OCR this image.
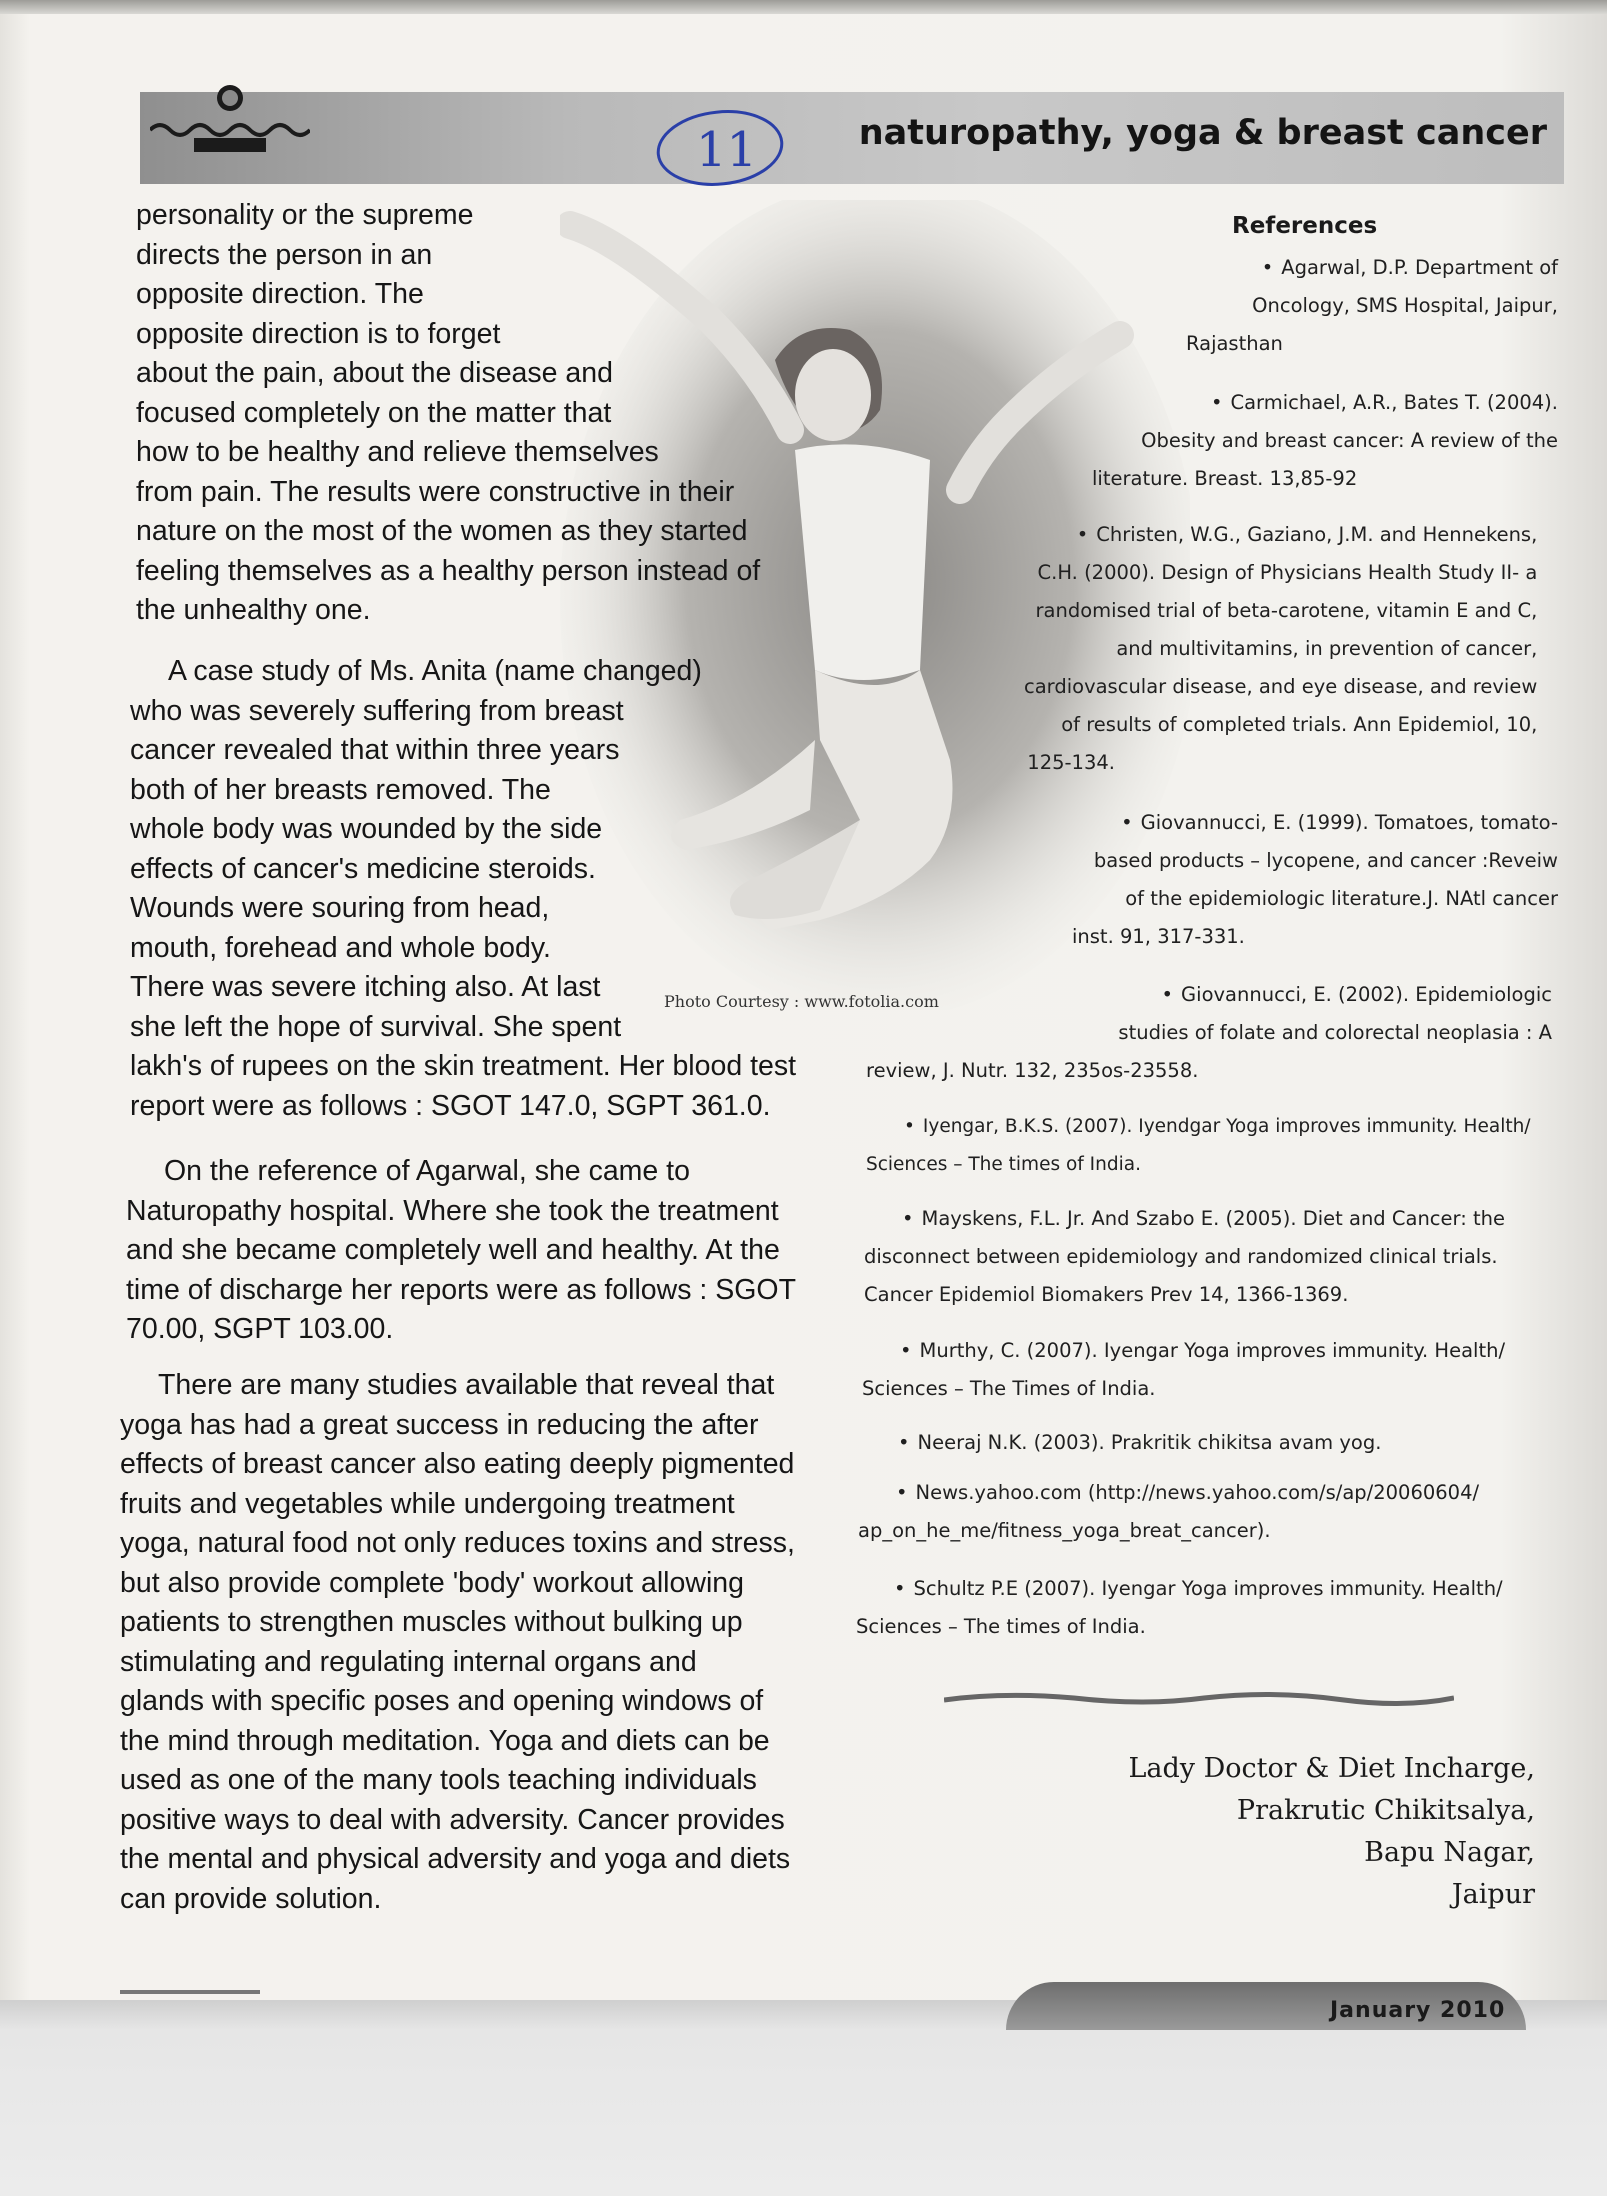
naturopathy, yoga & breast cancer
11
Photo Courtesy : www.fotolia.com

personality or the supreme
directs the person in an
opposite direction. The
opposite direction is to forget
about the pain, about the disease and
focused completely on the matter that
how to be healthy and relieve themselves
from pain. The results were constructive in their
nature on the most of the women as they started
feeling themselves as a healthy person instead of
the unhealthy one.

A case study of Ms. Anita (name changed)
who was severely suffering from breast
cancer revealed that within three years
both of her breasts removed. The
whole body was wounded by the side
effects of cancer's medicine steroids.
Wounds were souring from head,
mouth, forehead and whole body.
There was severe itching also. At last
she left the hope of survival. She spent
lakh's of rupees on the skin treatment. Her blood test
report were as follows : SGOT 147.0, SGPT 361.0.

On the reference of Agarwal, she came to
Naturopathy hospital. Where she took the treatment
and she became completely well and healthy. At the
time of discharge her reports were as follows : SGOT
70.00, SGPT 103.00.

There are many studies available that reveal that
yoga has had a great success in reducing the after
effects of breast cancer also eating deeply pigmented
fruits and vegetables while undergoing treatment
yoga, natural food not only reduces toxins and stress,
but also provide complete 'body' workout allowing
patients to strengthen muscles without bulking up
stimulating and regulating internal organs and
glands with specific poses and opening windows of
the mind through meditation. Yoga and diets can be
used as one of the many tools teaching individuals
positive ways to deal with adversity. Cancer provides
the mental and physical adversity and yoga and diets
can provide solution.

References

• Agarwal, D.P. Department of
Oncology, SMS Hospital, Jaipur,
Rajasthan

• Carmichael, A.R., Bates T. (2004).
Obesity and breast cancer: A review of the
literature. Breast. 13,85-92

• Christen, W.G., Gaziano, J.M. and Hennekens,
C.H. (2000). Design of Physicians Health Study II- a
randomised trial of beta-carotene, vitamin E and C,
and multivitamins, in prevention of cancer,
cardiovascular disease, and eye disease, and review
of results of completed trials. Ann Epidemiol, 10,
125-134.

• Giovannucci, E. (1999). Tomatoes, tomato-
based products – lycopene, and cancer :Reveiw
of the epidemiologic literature.J. NAtl cancer
inst. 91, 317-331.

• Giovannucci, E. (2002). Epidemiologic
studies of folate and colorectal neoplasia : A
review, J. Nutr. 132, 235os-23558.

• Iyengar, B.K.S. (2007). Iyendgar Yoga improves immunity. Health/
Sciences – The times of India.

• Mayskens, F.L. Jr. And Szabo E. (2005). Diet and Cancer: the
disconnect between epidemiology and randomized clinical trials.
Cancer Epidemiol Biomakers Prev 14, 1366-1369.

• Murthy, C. (2007). Iyengar Yoga improves immunity. Health/
Sciences – The Times of India.

• Neeraj N.K. (2003). Prakritik chikitsa avam yog.

• News.yahoo.com (http://news.yahoo.com/s/ap/20060604/
ap_on_he_me/fitness_yoga_breat_cancer).

• Schultz P.E (2007). Iyengar Yoga improves immunity. Health/
Sciences – The times of India.

Lady Doctor & Diet Incharge,
Prakrutic Chikitsalya,
Bapu Nagar,
Jaipur
January 2010
